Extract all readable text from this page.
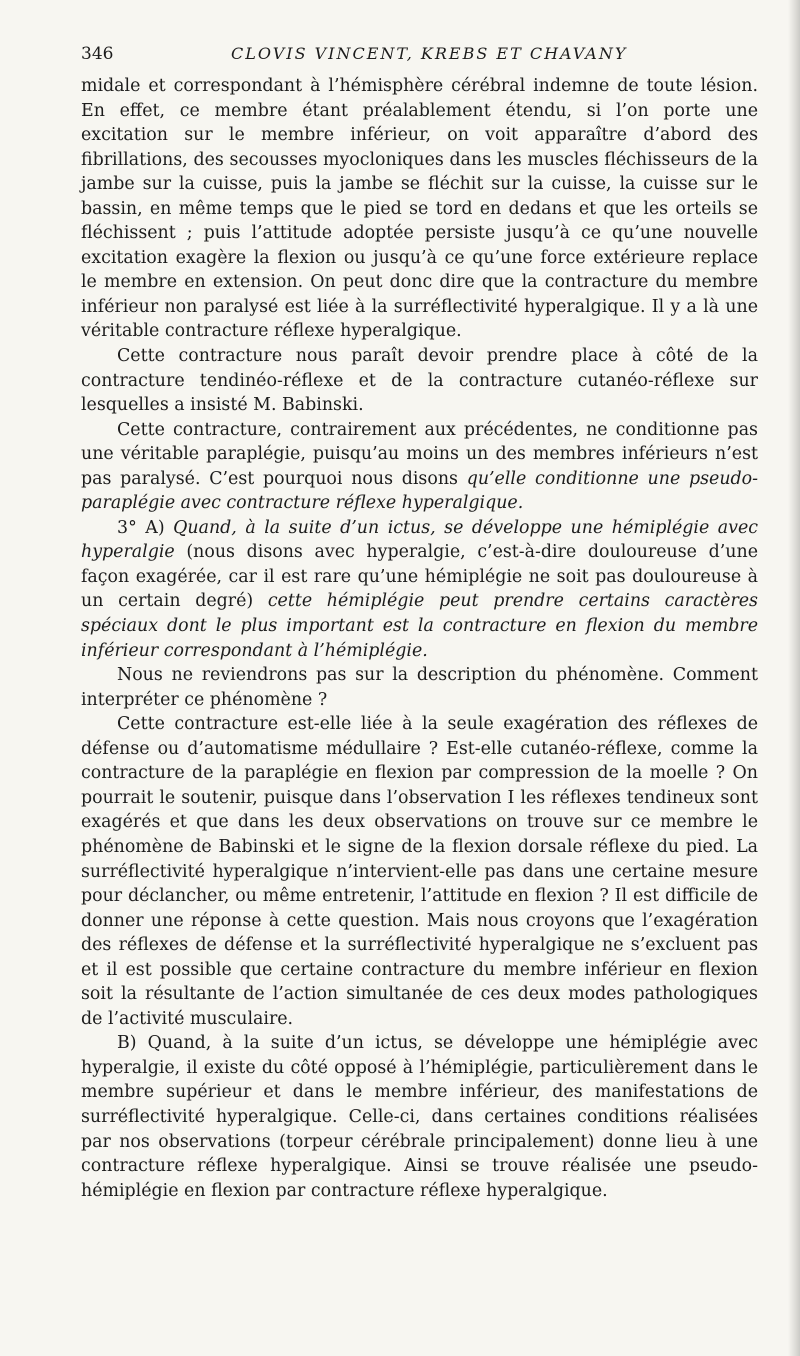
346	CLOVIS VINCENT, KREBS ET CHAVANY

midale et correspondant à l’hémisphère cérébral indemne de toute lésion. En effet, ce membre étant préalablement étendu, si l’on porte une excitation sur le membre inférieur, on voit apparaître d’abord des fibrillations, des secousses myocloniques dans les muscles fléchisseurs de la jambe sur la cuisse, puis la jambe se fléchit sur la cuisse, la cuisse sur le bassin, en même temps que le pied se tord en dedans et que les orteils se fléchissent ; puis l’attitude adoptée persiste jusqu’à ce qu’une nouvelle excitation exagère la flexion ou jusqu’à ce qu’une force extérieure replace le membre en extension. On peut donc dire que la contracture du membre inférieur non paralysé est liée à la surréflectivité hyperalgique. Il y a là une véritable contracture réflexe hyperalgique.

Cette contracture nous paraît devoir prendre place à côté de la contracture tendinéo-réflexe et de la contracture cutanéo-réflexe sur lesquelles a insisté M. Babinski.

Cette contracture, contrairement aux précédentes, ne conditionne pas une véritable paraplégie, puisqu’au moins un des membres inférieurs n’est pas paralysé. C’est pourquoi nous disons qu’elle conditionne une pseudo-paraplégie avec contracture réflexe hyperalgique.

3° A) Quand, à la suite d’un ictus, se développe une hémiplégie avec hyperalgie (nous disons avec hyperalgie, c’est-à-dire douloureuse d’une façon exagérée, car il est rare qu’une hémiplégie ne soit pas douloureuse à un certain degré) cette hémiplégie peut prendre certains caractères spéciaux dont le plus important est la contracture en flexion du membre inférieur correspondant à l’hémiplégie.

Nous ne reviendrons pas sur la description du phénomène. Comment interpréter ce phénomène ?

Cette contracture est-elle liée à la seule exagération des réflexes de défense ou d’automatisme médullaire ? Est-elle cutanéo-réflexe, comme la contracture de la paraplégie en flexion par compression de la moelle ? On pourrait le soutenir, puisque dans l’observation I les réflexes tendineux sont exagérés et que dans les deux observations on trouve sur ce membre le phénomène de Babinski et le signe de la flexion dorsale réflexe du pied. La surréflectivité hyperalgique n’intervient-elle pas dans une certaine mesure pour déclancher, ou même entretenir, l’attitude en flexion ? Il est difficile de donner une réponse à cette question. Mais nous croyons que l’exagération des réflexes de défense et la surréflectivité hyperalgique ne s’excluent pas et il est possible que certaine contracture du membre inférieur en flexion soit la résultante de l’action simultanée de ces deux modes pathologiques de l’activité musculaire.

B) Quand, à la suite d’un ictus, se développe une hémiplégie avec hyperalgie, il existe du côté opposé à l’hémiplégie, particulièrement dans le membre supérieur et dans le membre inférieur, des manifestations de surréflectivité hyperalgique. Celle-ci, dans certaines conditions réalisées par nos observations (torpeur cérébrale principalement) donne lieu à une contracture réflexe hyperalgique. Ainsi se trouve réalisée une pseudo-hémiplégie en flexion par contracture réflexe hyperalgique.
